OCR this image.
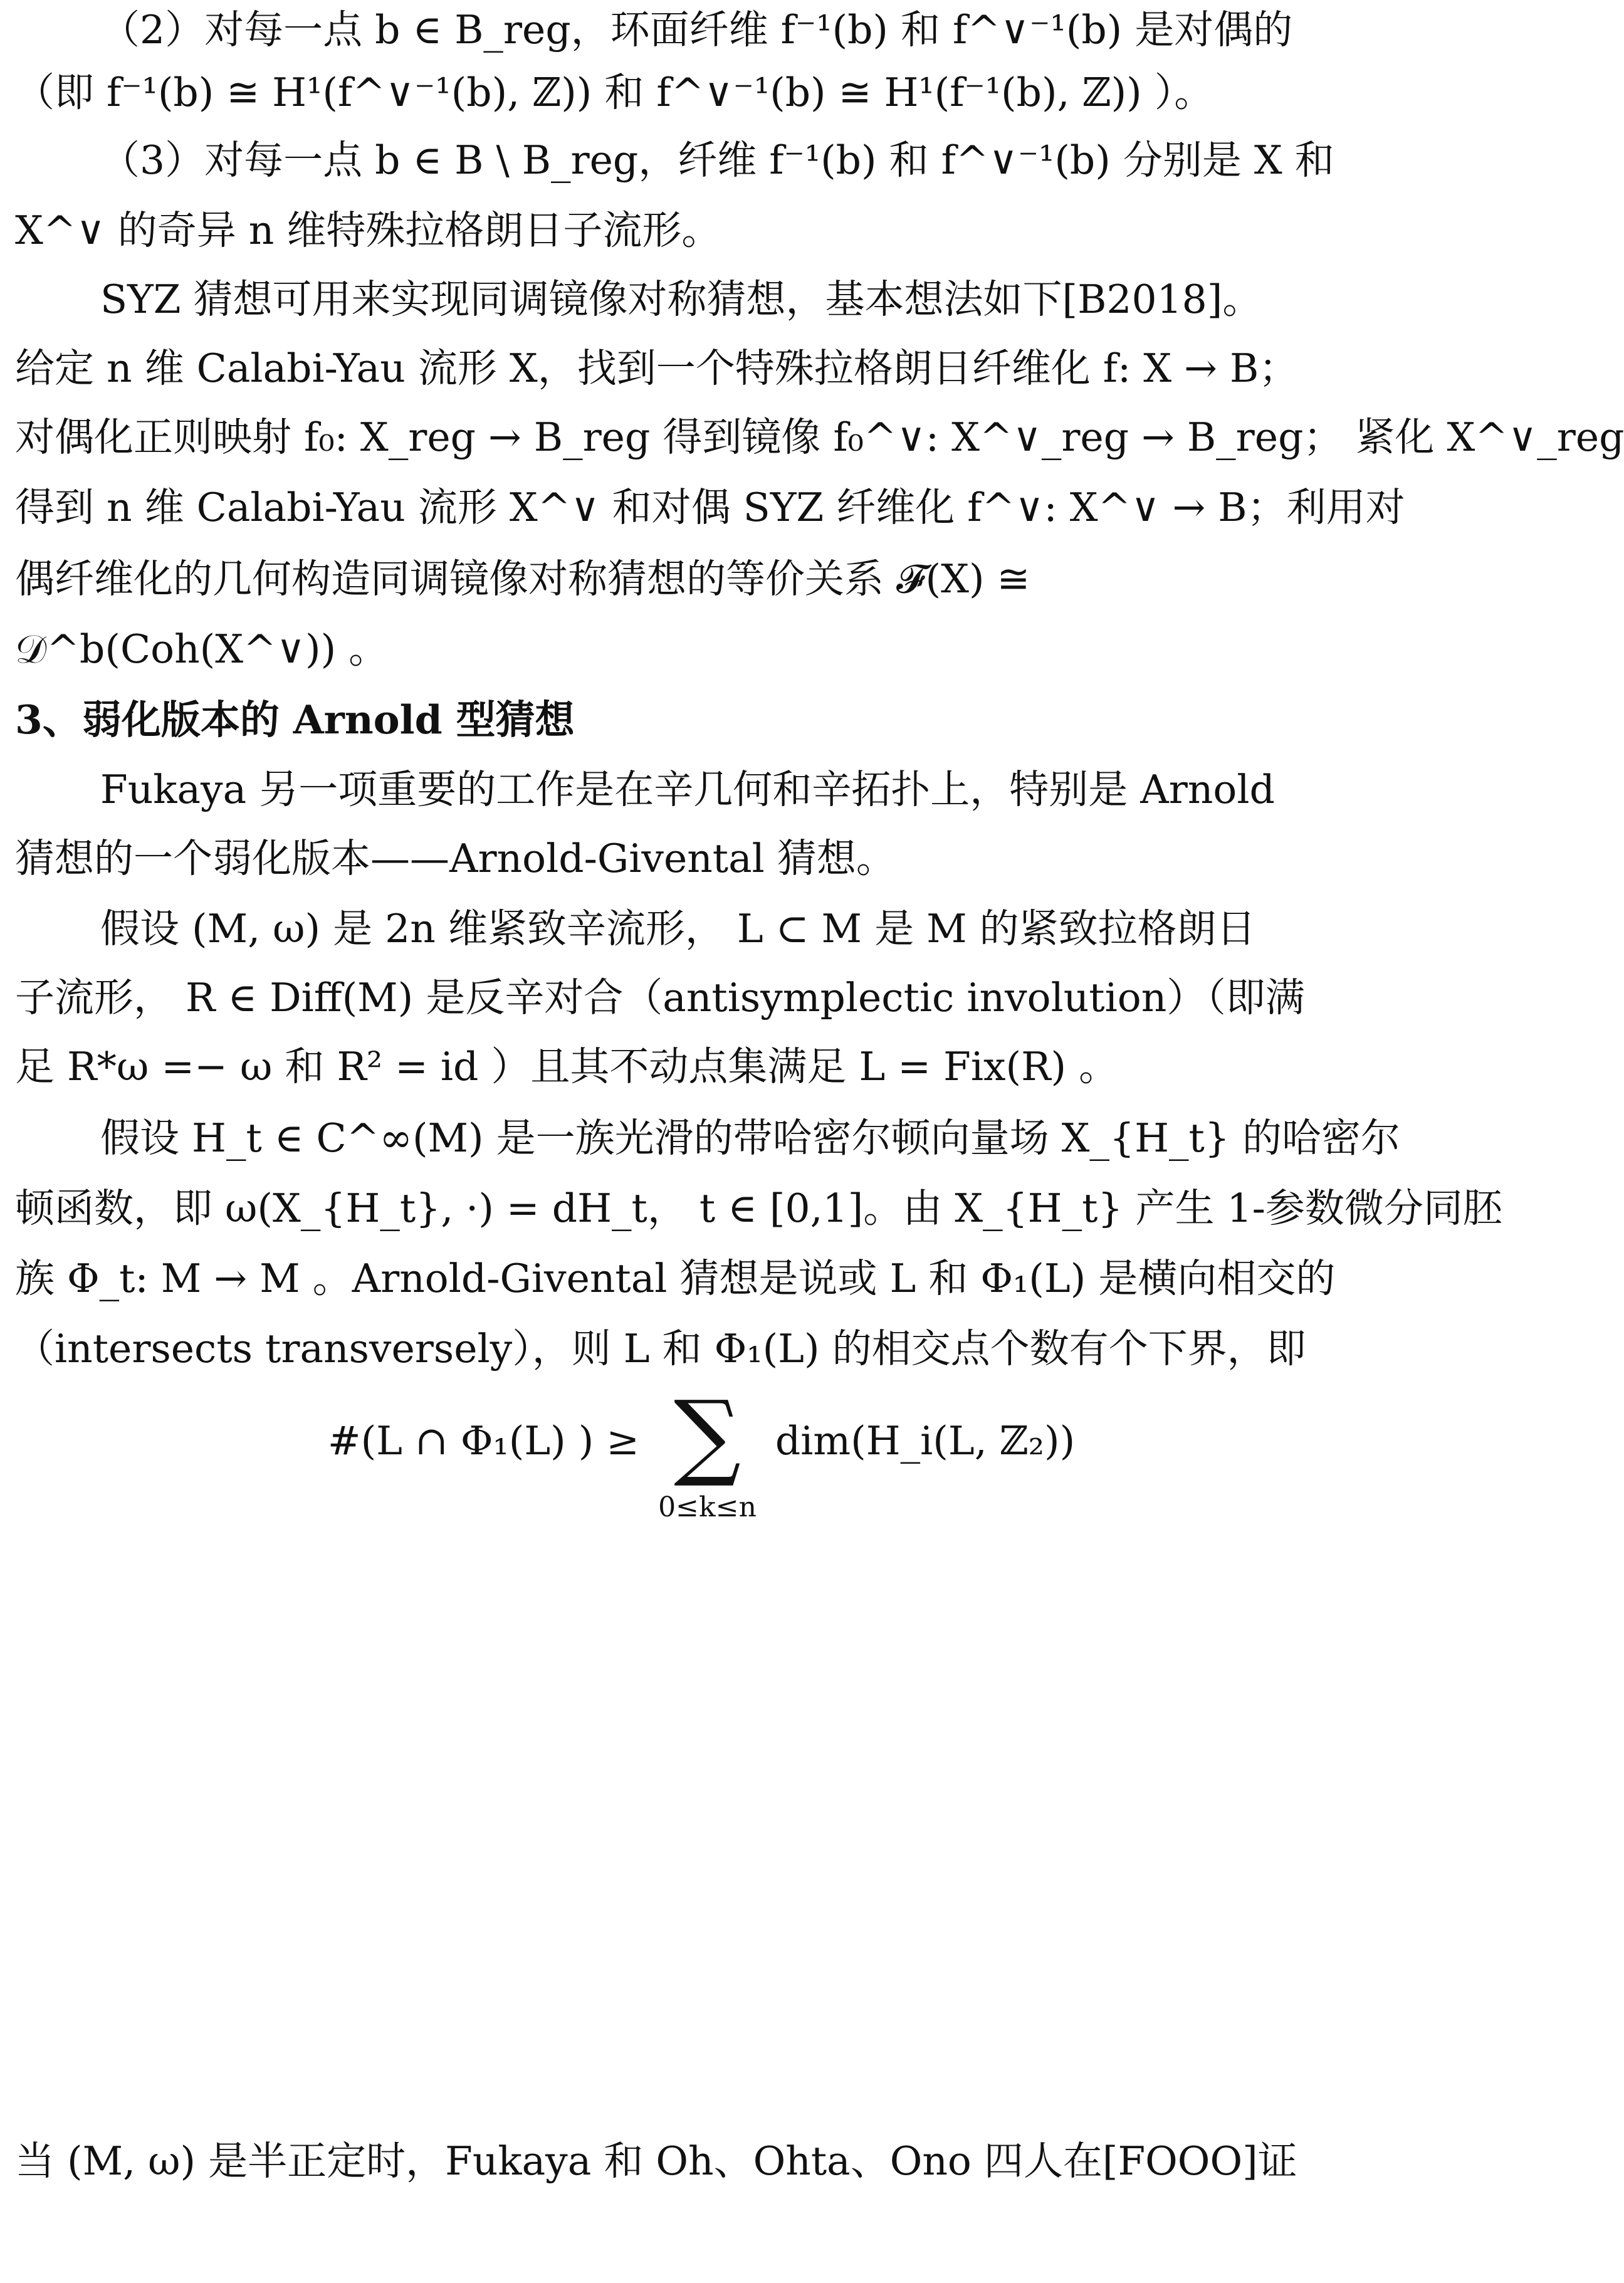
（2）对每一点 b ∈ B_reg，环面纤维 f⁻¹(b) 和 f^∨⁻¹(b) 是对偶的
（即 f⁻¹(b) ≅ H¹(f^∨⁻¹(b), ℤ)) 和 f^∨⁻¹(b) ≅ H¹(f⁻¹(b), ℤ)) ）。
（3）对每一点 b ∈ B \ B_reg，纤维 f⁻¹(b) 和 f^∨⁻¹(b) 分别是 X 和
X^∨ 的奇异 n 维特殊拉格朗日子流形。
SYZ 猜想可用来实现同调镜像对称猜想，基本想法如下[B2018]。
给定 n 维 Calabi-Yau 流形 X，找到一个特殊拉格朗日纤维化 f: X → B；
对偶化正则映射 f₀: X_reg → B_reg 得到镜像 f₀^∨: X^∨_reg → B_reg； 紧化 X^∨_reg
得到 n 维 Calabi-Yau 流形 X^∨ 和对偶 SYZ 纤维化 f^∨: X^∨ → B；利用对
偶纤维化的几何构造同调镜像对称猜想的等价关系 𝓕(X) ≅
𝒟^b(Coh(X^∨)) 。
3、弱化版本的 Arnold 型猜想
Fukaya 另一项重要的工作是在辛几何和辛拓扑上，特别是 Arnold
猜想的一个弱化版本——Arnold-Givental 猜想。
假设 (M, ω) 是 2n 维紧致辛流形， L ⊂ M 是 M 的紧致拉格朗日
子流形， R ∈ Diff(M) 是反辛对合（antisymplectic involution）（即满
足 R*ω =− ω 和 R² = id ）且其不动点集满足 L = Fix(R) 。
假设 H_t ∈ C^∞(M) 是一族光滑的带哈密尔顿向量场 X_{H_t} 的哈密尔
顿函数，即 ω(X_{H_t}, ·) = dH_t， t ∈ [0,1]。由 X_{H_t} 产生 1-参数微分同胚
族 Φ_t: M → M 。Arnold-Givental 猜想是说或 L 和 Φ₁(L) 是横向相交的
（intersects transversely），则 L 和 Φ₁(L) 的相交点个数有个下界，即
#(L ∩ Φ₁(L) ) ≥ ∑
0≤k≤n
dim(H_i(L, ℤ₂))
当 (M, ω) 是半正定时，Fukaya 和 Oh、Ohta、Ono 四人在[FOOO]证
